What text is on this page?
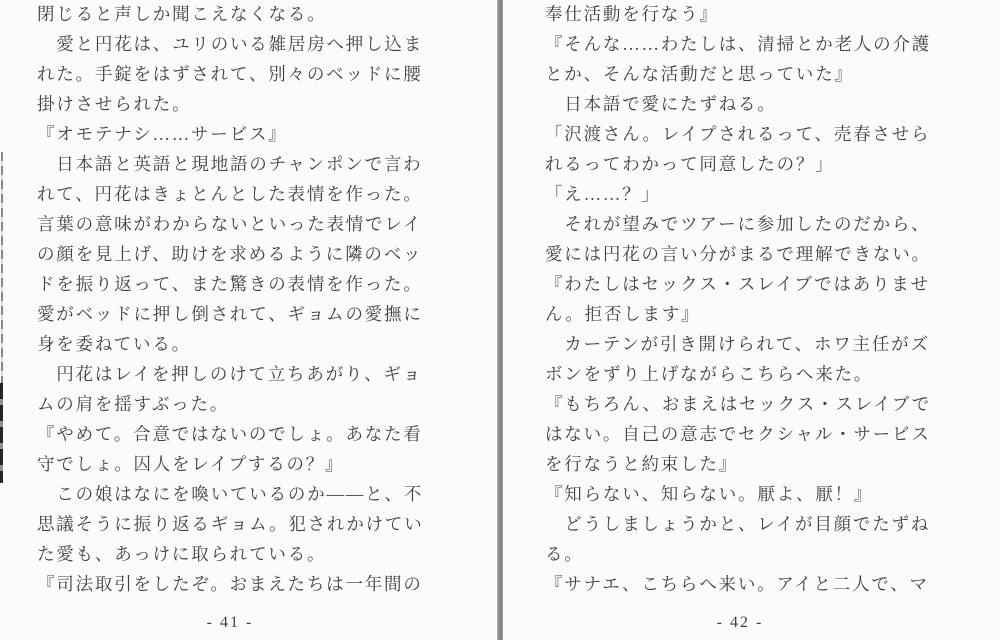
閉じると声しか聞こえなくなる。
　愛と円花は、ユリのいる雑居房へ押し込ま
れた。手錠をはずされて、別々のベッドに腰
掛けさせられた。
『オモテナシ……サービス』
　日本語と英語と現地語のチャンポンで言わ
れて、円花はきょとんとした表情を作った。
言葉の意味がわからないといった表情でレイ
の顔を見上げ、助けを求めるように隣のベッ
ドを振り返って、また驚きの表情を作った。
愛がベッドに押し倒されて、ギョムの愛撫に
身を委ねている。
　円花はレイを押しのけて立ちあがり、ギョ
ムの肩を揺すぶった。
『やめて。合意ではないのでしょ。あなた看
守でしょ。囚人をレイプするの？』
　この娘はなにを喚いているのか——と、不
思議そうに振り返るギョム。犯されかけてい
た愛も、あっけに取られている。
『司法取引をしたぞ。おまえたちは一年間の
- 41 -
奉仕活動を行なう』
『そんな……わたしは、清掃とか老人の介護
とか、そんな活動だと思っていた』
　日本語で愛にたずねる。
「沢渡さん。レイプされるって、売春させら
れるってわかって同意したの？」
「え……？」
　それが望みでツアーに参加したのだから、
愛には円花の言い分がまるで理解できない。
『わたしはセックス・スレイブではありませ
ん。拒否します』
　カーテンが引き開けられて、ホワ主任がズ
ボンをずり上げながらこちらへ来た。
『もちろん、おまえはセックス・スレイブで
はない。自己の意志でセクシャル・サービス
を行なうと約束した』
『知らない、知らない。厭よ、厭！』
　どうしましょうかと、レイが目顔でたずね
る。
『サナエ、こちらへ来い。アイと二人で、マ
- 42 -
